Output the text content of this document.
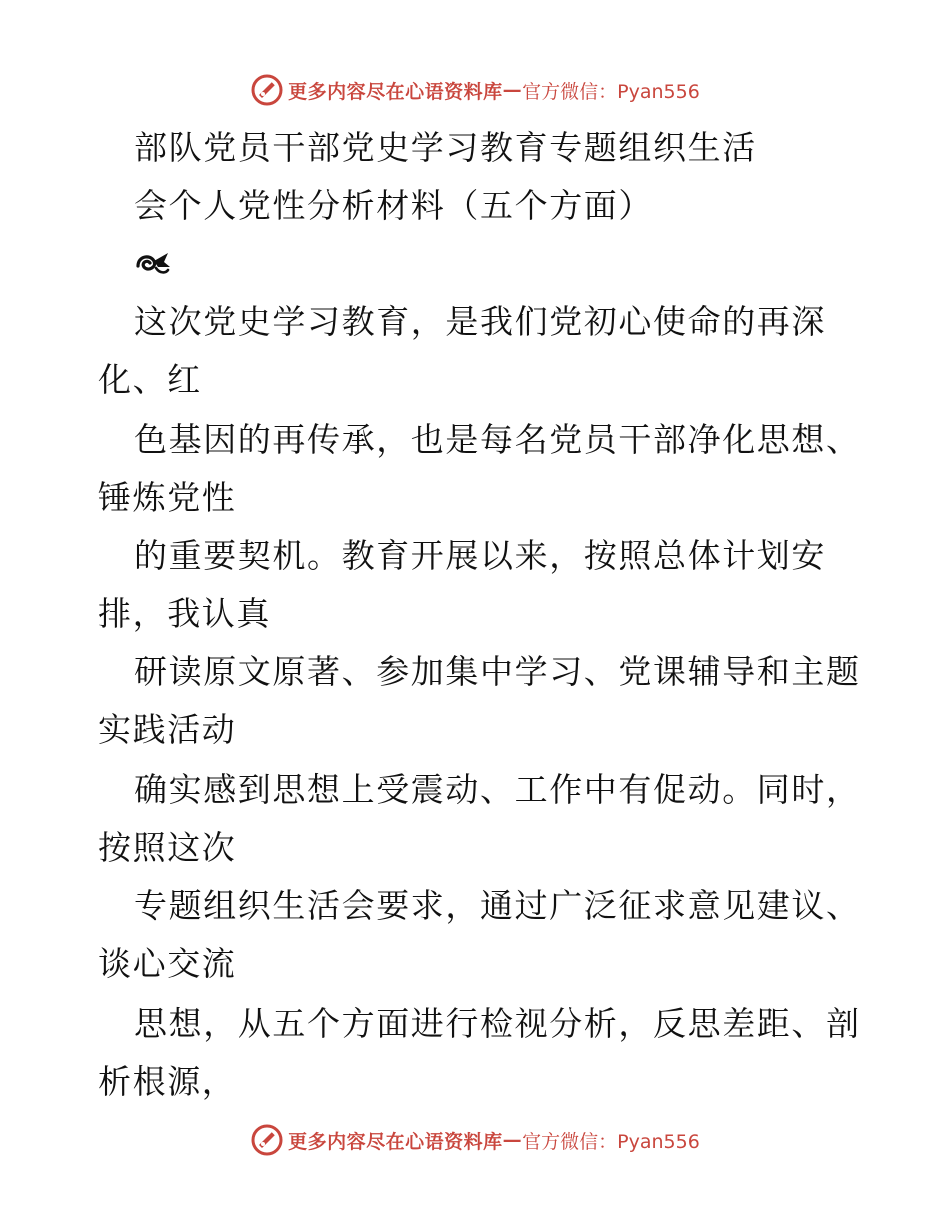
更多内容尽在心语资料库 — 官方微信：Pyan556
部队党员干部党史学习教育专题组织生活
会个人党性分析材料（五个方面）
这次党史学习教育，是我们党初心使命的再深
化、红
色基因的再传承，也是每名党员干部净化思想、
锤炼党性
的重要契机。教育开展以来，按照总体计划安
排，我认真
研读原文原著、参加集中学习、党课辅导和主题
实践活动
确实感到思想上受震动、工作中有促动。同时，
按照这次
专题组织生活会要求，通过广泛征求意见建议、
谈心交流
思想，从五个方面进行检视分析，反思差距、剖
析根源，
更多内容尽在心语资料库 — 官方微信：Pyan556
